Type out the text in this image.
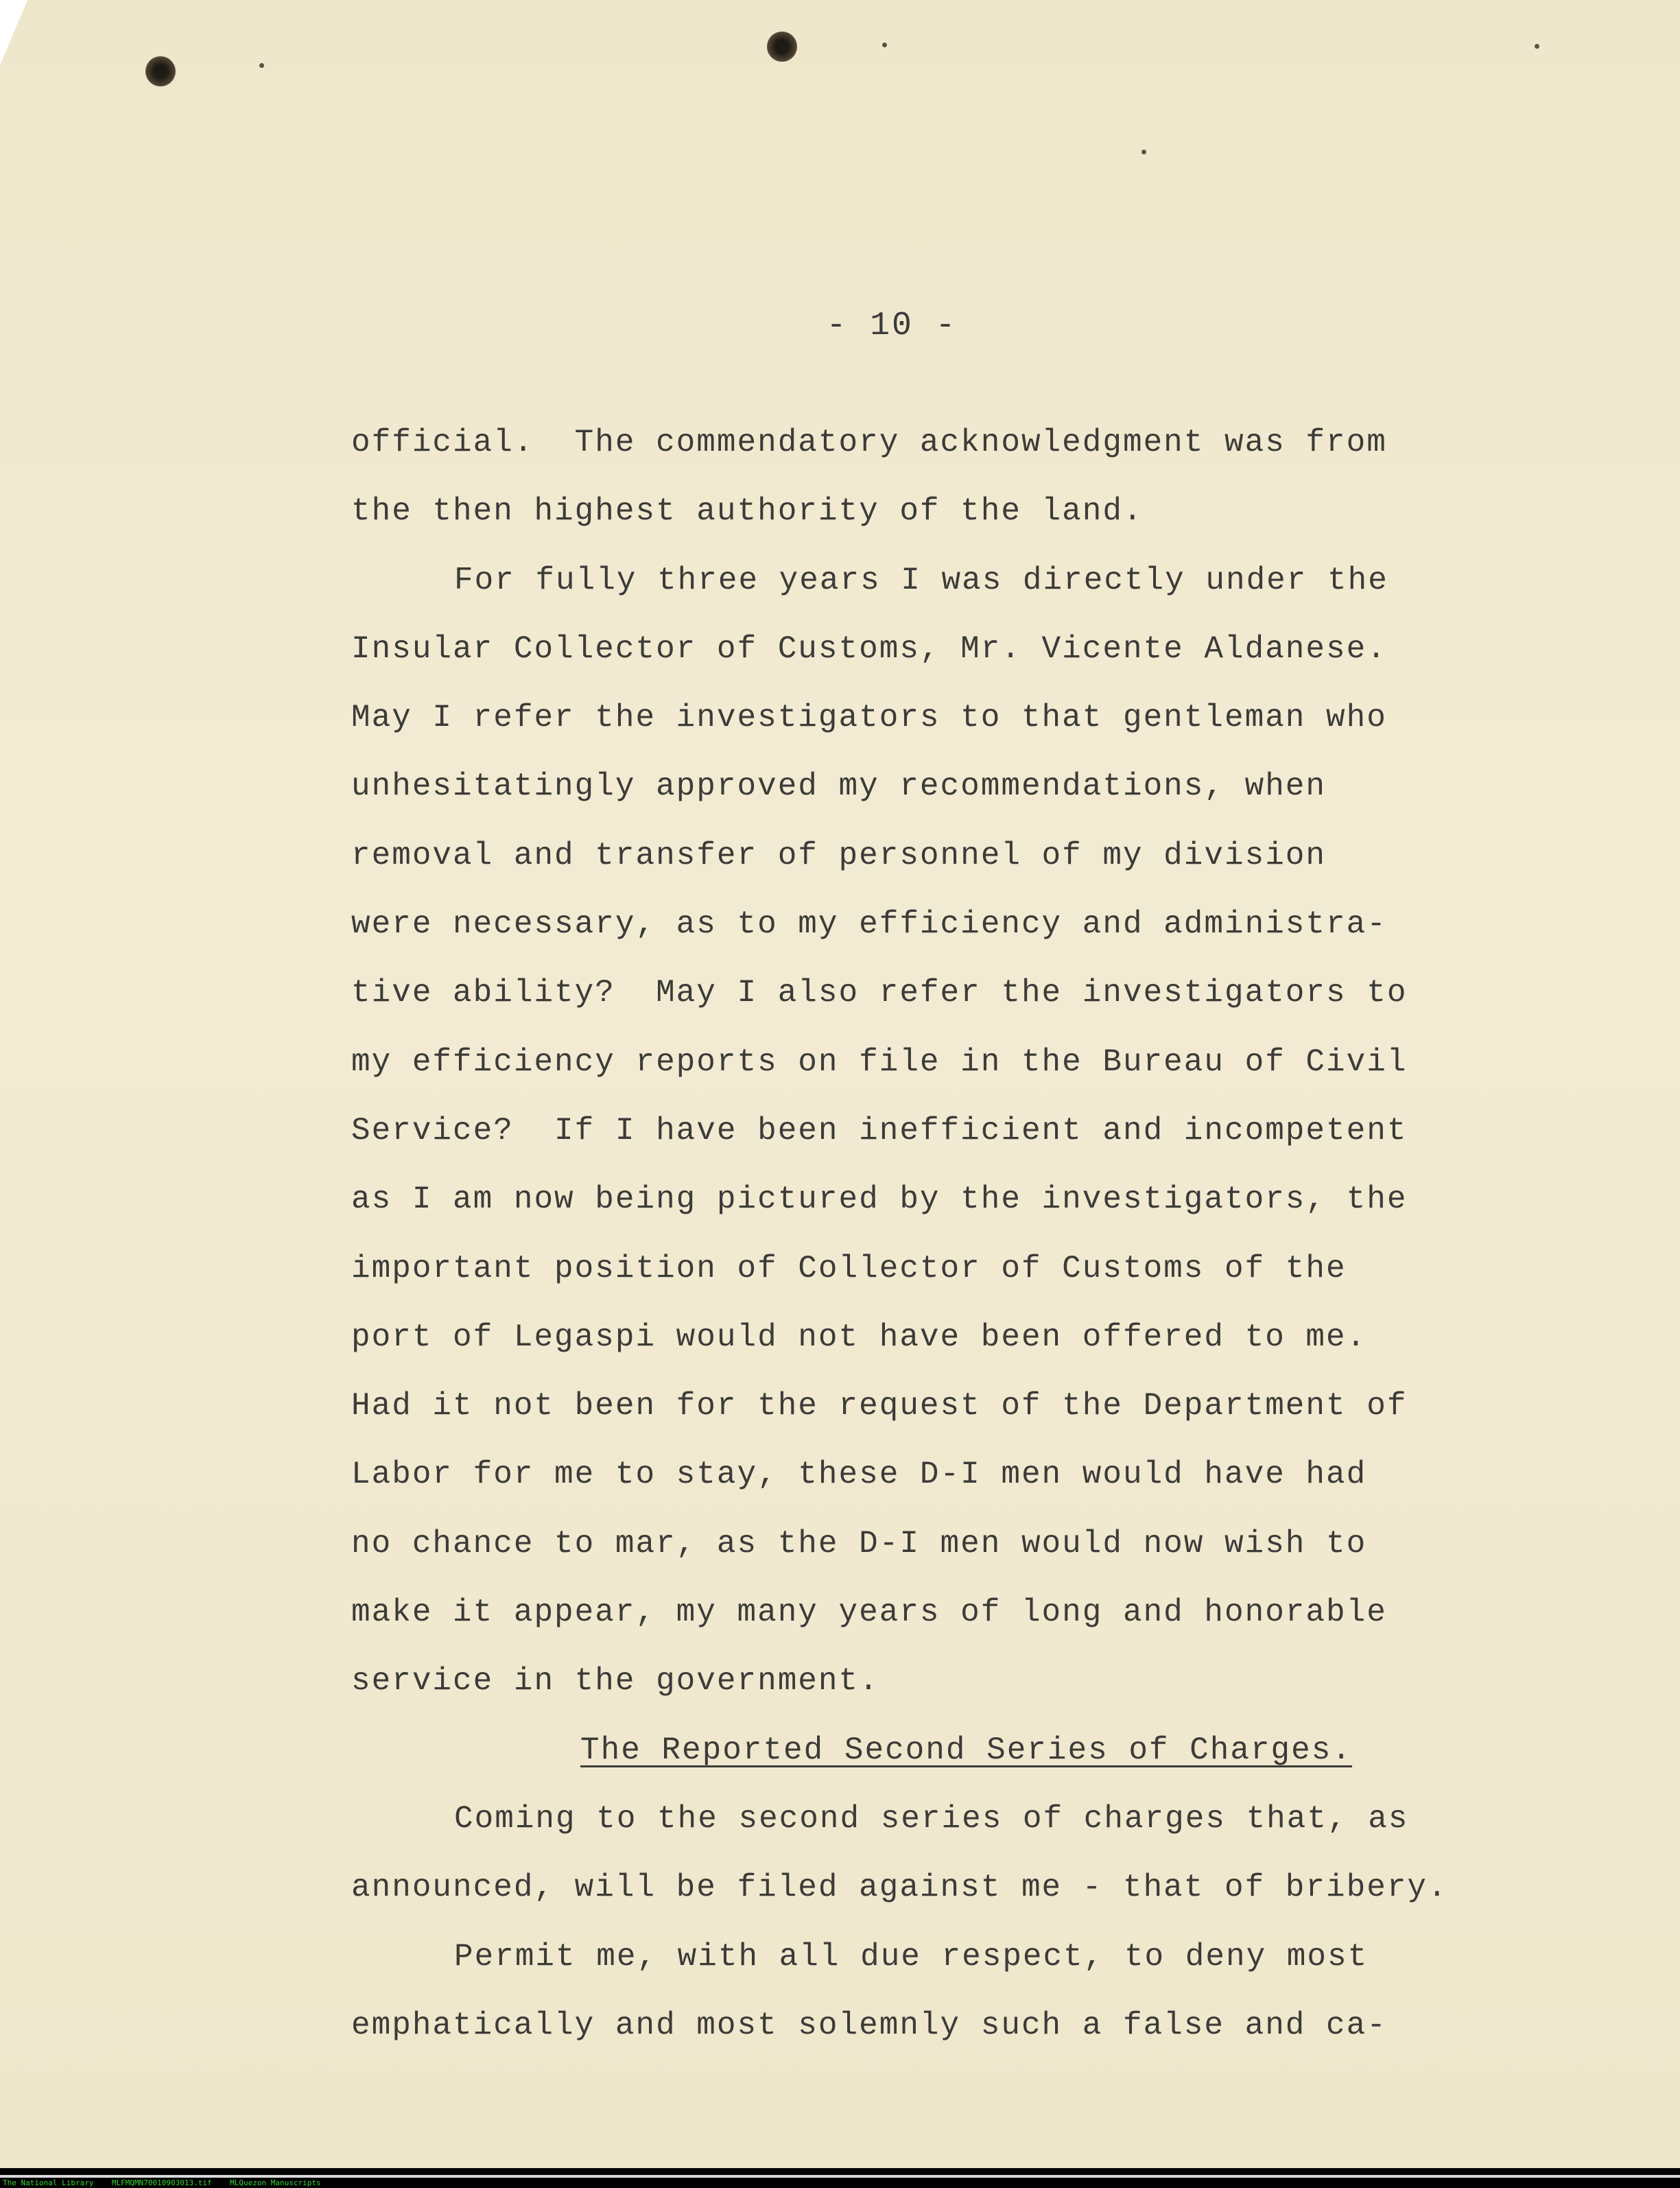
- 10 -
official.  The commendatory acknowledgment was from
the then highest authority of the land.
For fully three years I was directly under the
Insular Collector of Customs, Mr. Vicente Aldanese.
May I refer the investigators to that gentleman who
unhesitatingly approved my recommendations, when
removal and transfer of personnel of my division
were necessary, as to my efficiency and administra-
tive ability?  May I also refer the investigators to
my efficiency reports on file in the Bureau of Civil
Service?  If I have been inefficient and incompetent
as I am now being pictured by the investigators, the
important position of Collector of Customs of the
port of Legaspi would not have been offered to me.
Had it not been for the request of the Department of
Labor for me to stay, these D-I men would have had
no chance to mar, as the D-I men would now wish to
make it appear, my many years of long and honorable
service in the government.
The Reported Second Series of Charges.
Coming to the second series of charges that, as
announced, will be filed against me - that of bribery.
Permit me, with all due respect, to deny most
emphatically and most solemnly such a false and ca-
The National Library    MLFMQMN70010903013.tif    MLQuezon Manuscripts
